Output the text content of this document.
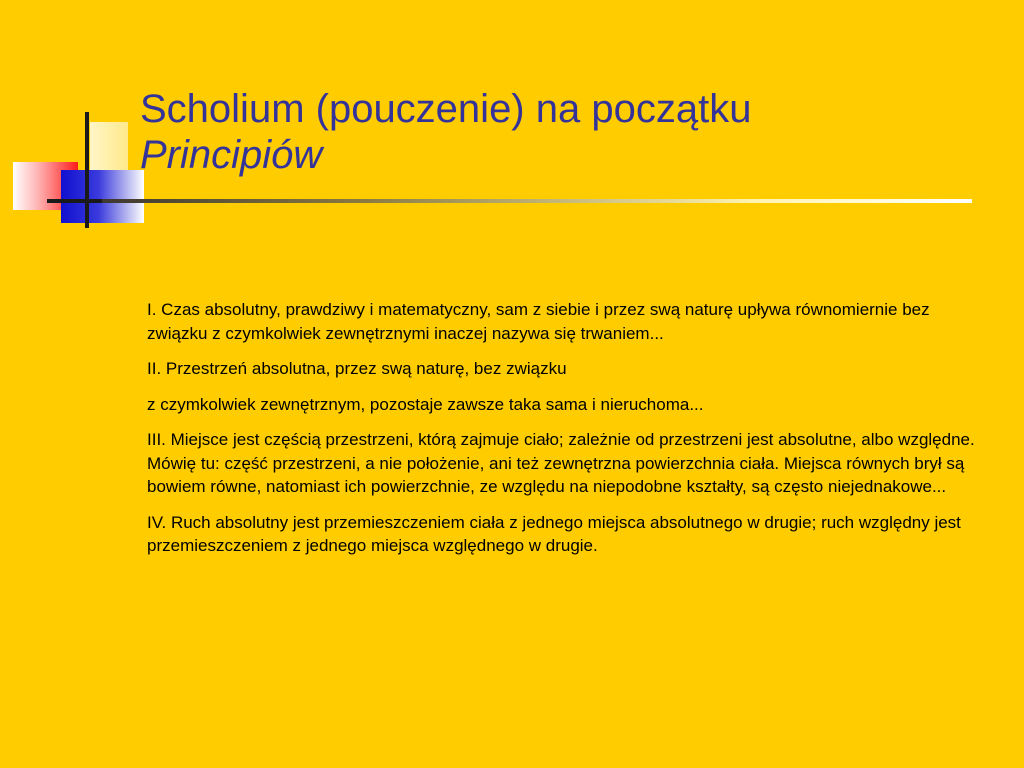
Scholium (pouczenie) na początku
Principiów

I. Czas absolutny, prawdziwy i matematyczny, sam z siebie i przez swą naturę upływa równomiernie bez związku z czymkolwiek zewnętrznymi inaczej nazywa się trwaniem...

II. Przestrzeń absolutna, przez swą naturę, bez związku

z czymkolwiek zewnętrznym, pozostaje zawsze taka sama i nieruchoma...

III. Miejsce jest częścią przestrzeni, którą zajmuje ciało; zależnie od przestrzeni jest absolutne, albo względne. Mówię tu: część przestrzeni, a nie położenie, ani też zewnętrzna powierzchnia ciała. Miejsca równych brył są bowiem równe, natomiast ich powierzchnie, ze względu na niepodobne kształty, są często niejednakowe...

IV. Ruch absolutny jest przemieszczeniem ciała z jednego miejsca absolutnego w drugie; ruch względny jest przemieszczeniem z jednego miejsca względnego w drugie.
